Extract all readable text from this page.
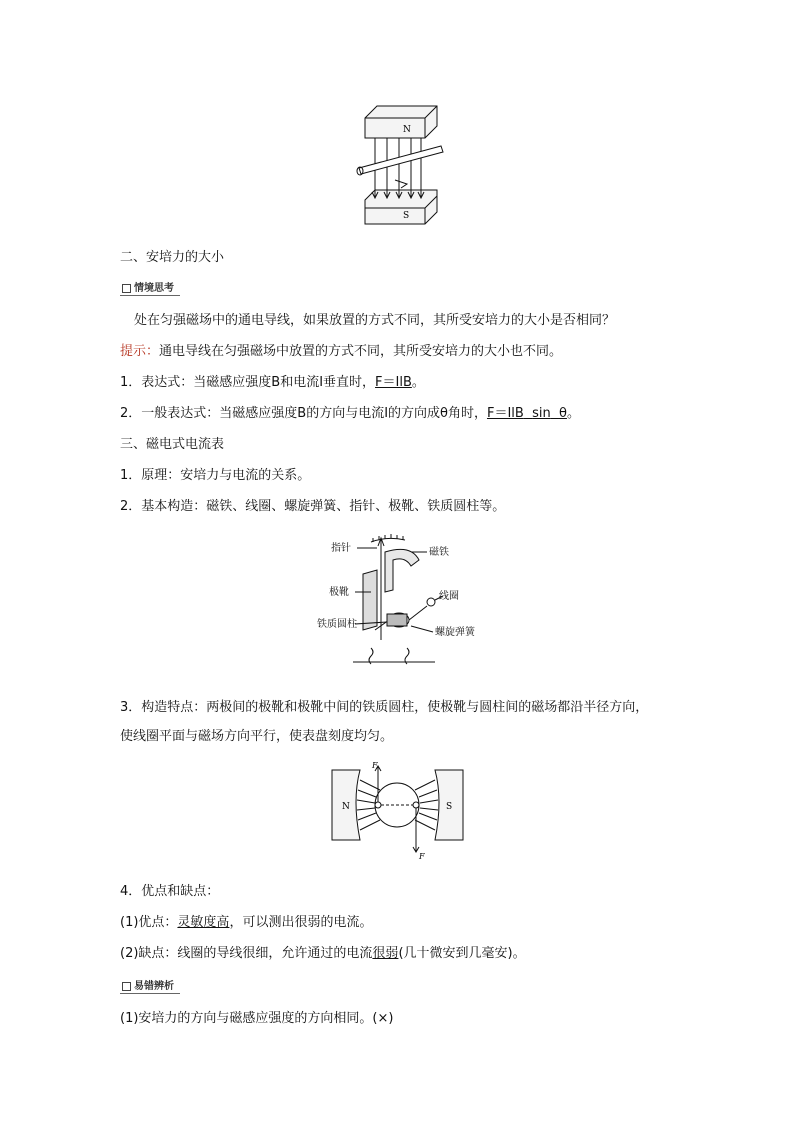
N
S
二、安培力的大小
情境思考
处在匀强磁场中的通电导线，如果放置的方式不同，其所受安培力的大小是否相同？
提示：通电导线在匀强磁场中放置的方式不同，其所受安培力的大小也不同。
1．表达式：当磁感应强度B和电流I垂直时，F＝IlB。
2．一般表达式：当磁感应强度B的方向与电流I的方向成θ角时，F＝IlB sin θ。
三、磁电式电流表
1．原理：安培力与电流的关系。
2．基本构造：磁铁、线圈、螺旋弹簧、指针、极靴、铁质圆柱等。
指针	磁铁
极靴	线圈
铁质圆柱
螺旋弹簧
3．构造特点：两极间的极靴和极靴中间的铁质圆柱，使极靴与圆柱间的磁场都沿半径方向，
使线圈平面与磁场方向平行，使表盘刻度均匀。
N	S
F
F
4．优点和缺点：
(1)优点：灵敏度高，可以测出很弱的电流。
(2)缺点：线圈的导线很细，允许通过的电流很弱(几十微安到几毫安)。
易错辨析
(1)安培力的方向与磁感应强度的方向相同。(×)
